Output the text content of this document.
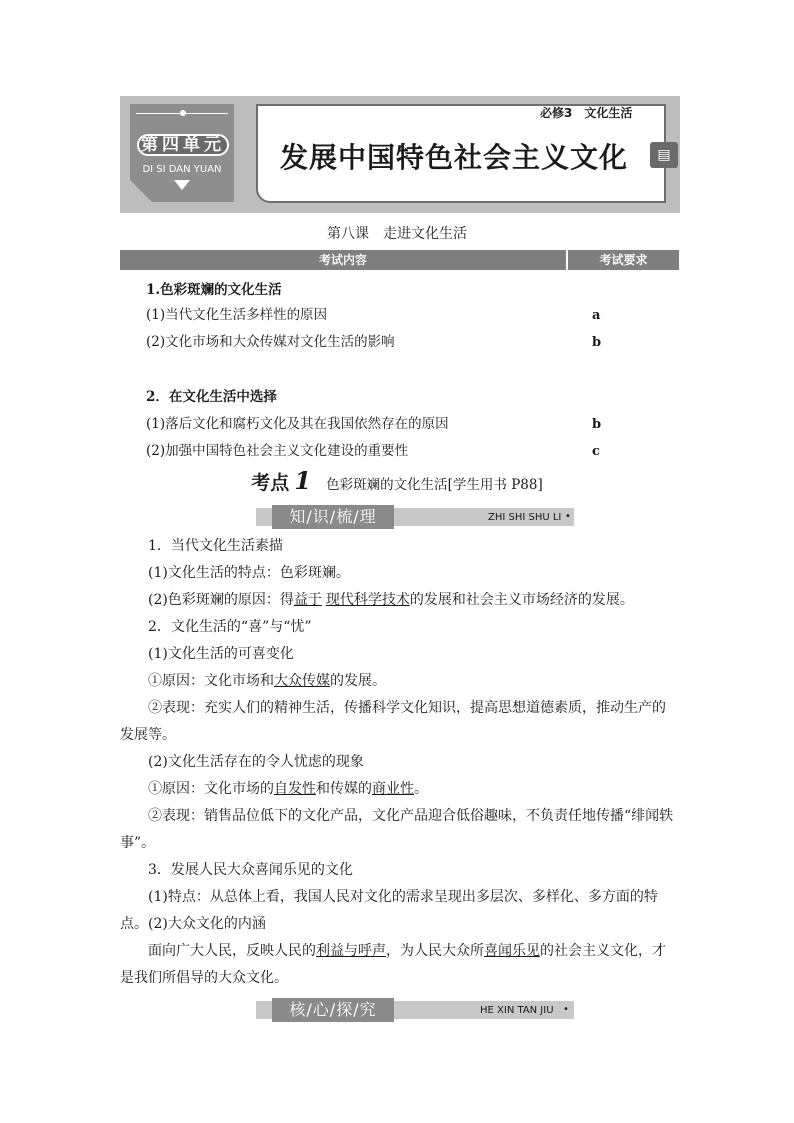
第四单元
DI SI DAN YUAN
必修3　文化生活
发展中国特色社会主义文化	▤
第八课　走进文化生活
考试内容	考试要求
1.色彩斑斓的文化生活
(1)当代文化生活多样性的原因	a
(2)文化市场和大众传媒对文化生活的影响	b
2．在文化生活中选择
(1)落后文化和腐朽文化及其在我国依然存在的原因	b
(2)加强中国特色社会主义文化建设的重要性	c
考点 1 色彩斑斓的文化生活[学生用书 P88]
知/识/梳/理	ZHI SHI SHU LI •
1．当代文化生活素描
(1)文化生活的特点：色彩斑斓。
(2)色彩斑斓的原因：得益于 现代科学技术的发展和社会主义市场经济的发展。
2．文化生活的“喜”与“忧”
(1)文化生活的可喜变化
①原因：文化市场和大众传媒的发展。
②表现：充实人们的精神生活，传播科学文化知识，提高思想道德素质，推动生产的发展等。
(2)文化生活存在的令人忧虑的现象
①原因：文化市场的自发性和传媒的商业性。
②表现：销售品位低下的文化产品，文化产品迎合低俗趣味，不负责任地传播“绯闻轶事”。
3．发展人民大众喜闻乐见的文化
(1)特点：从总体上看，我国人民对文化的需求呈现出多层次、多样化、多方面的特点。 (2)大众文化的内涵
面向广大人民，反映人民的利益与呼声，为人民大众所喜闻乐见的社会主义文化，才是我们所倡导的大众文化。
核/心/探/究	HE XIN TAN JIU •
